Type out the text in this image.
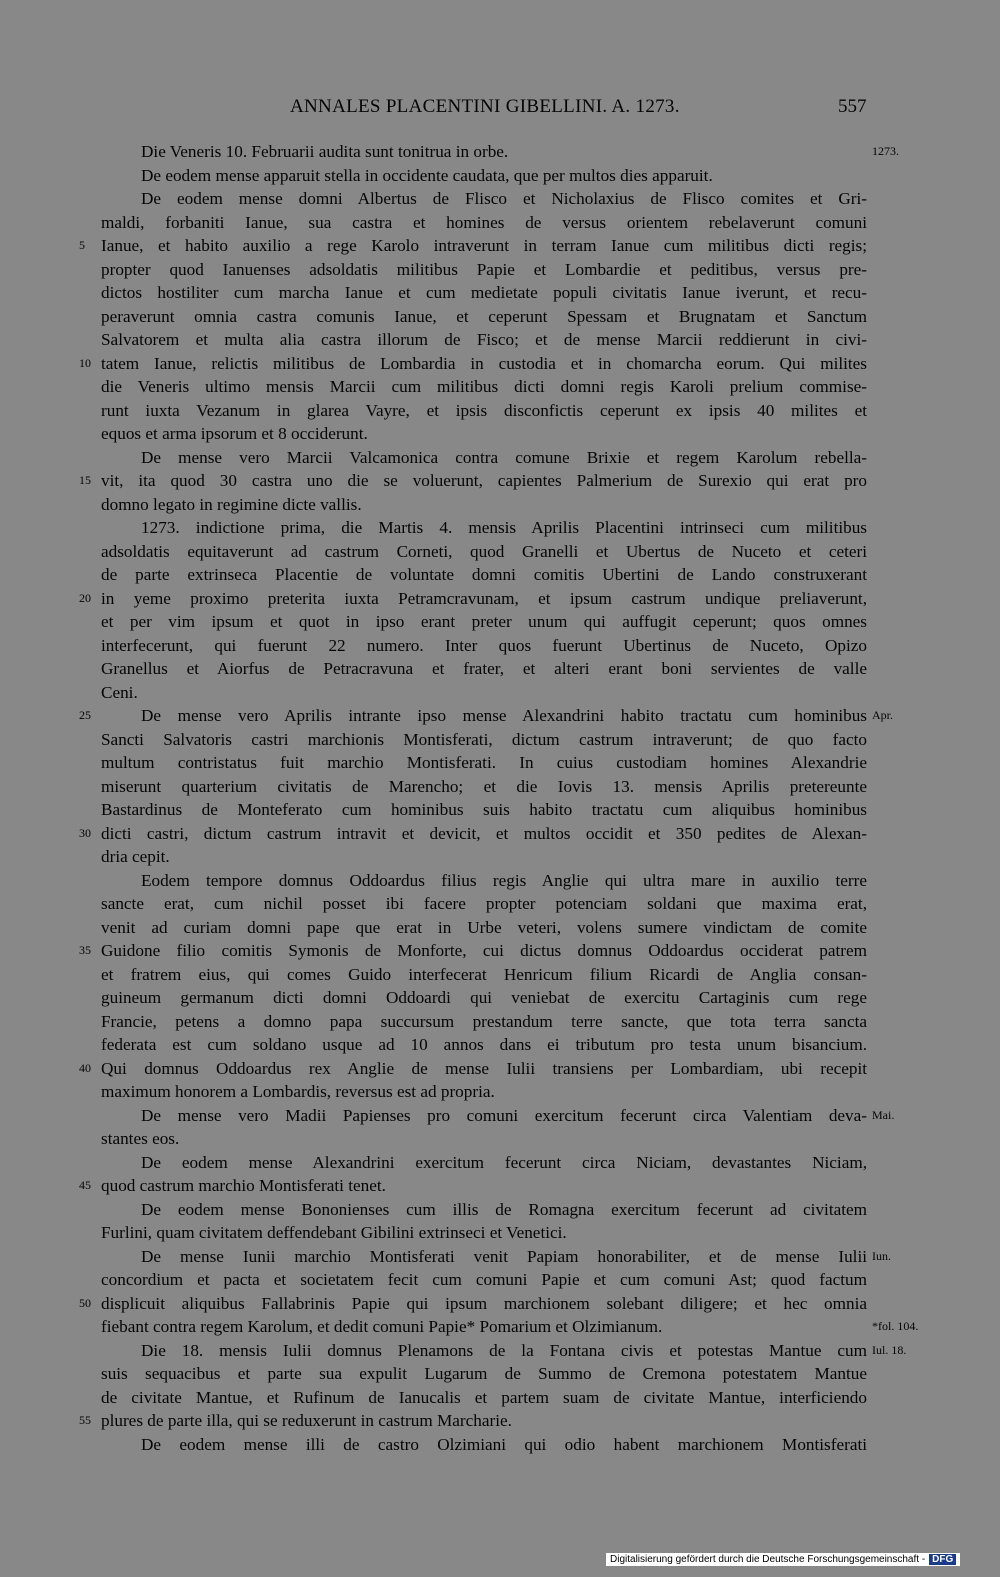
ANNALES PLACENTINI GIBELLINI. A. 1273.	557
Die Veneris 10. Februarii audita sunt tonitrua in orbe.	1273.
De eodem mense apparuit stella in occidente caudata, que per multos dies apparuit.
De eodem mense domni Albertus de Flisco et Nicholaxius de Flisco comites et Gri-
maldi, forbaniti Ianue, sua castra et homines de versus orientem rebelaverunt comuni
5 Ianue, et habito auxilio a rege Karolo intraverunt in terram Ianue cum militibus dicti regis;
propter quod Ianuenses adsoldatis militibus Papie et Lombardie et peditibus, versus pre-
dictos hostiliter cum marcha Ianue et cum medietate populi civitatis Ianue iverunt, et recu-
peraverunt omnia castra comunis Ianue, et ceperunt Spessam et Brugnatam et Sanctum
Salvatorem et multa alia castra illorum de Fisco; et de mense Marcii reddierunt in civi-
10 tatem Ianue, relictis militibus de Lombardia in custodia et in chomarcha eorum. Qui milites
die Veneris ultimo mensis Marcii cum militibus dicti domni regis Karoli prelium commise-
runt iuxta Vezanum in glarea Vayre, et ipsis disconfictis ceperunt ex ipsis 40 milites et
equos et arma ipsorum et 8 occiderunt.
De mense vero Marcii Valcamonica contra comune Brixie et regem Karolum rebella-
15 vit, ita quod 30 castra uno die se voluerunt, capientes Palmerium de Surexio qui erat pro
domno legato in regimine dicte vallis.
1273. indictione prima, die Martis 4. mensis Aprilis Placentini intrinseci cum militibus
adsoldatis equitaverunt ad castrum Corneti, quod Granelli et Ubertus de Nuceto et ceteri
de parte extrinseca Placentie de voluntate domni comitis Ubertini de Lando construxerant
20 in yeme proximo preterita iuxta Petramcravunam, et ipsum castrum undique preliaverunt,
et per vim ipsum et quot in ipso erant preter unum qui auffugit ceperunt; quos omnes
interfecerunt, qui fuerunt 22 numero. Inter quos fuerunt Ubertinus de Nuceto, Opizo
Granellus et Aiorfus de Petracravuna et frater, et alteri erant boni servientes de valle
Ceni.
25	De mense vero Aprilis intrante ipso mense Alexandrini habito tractatu cum hominibus Apr.
Sancti Salvatoris castri marchionis Montisferati, dictum castrum intraverunt; de quo facto
multum contristatus fuit marchio Montisferati. In cuius custodiam homines Alexandrie
miserunt quarterium civitatis de Marencho; et die Iovis 13. mensis Aprilis pretereunte
Bastardinus de Monteferato cum hominibus suis habito tractatu cum aliquibus hominibus
30 dicti castri, dictum castrum intravit et devicit, et multos occidit et 350 pedites de Alexan-
dria cepit.
Eodem tempore domnus Oddoardus filius regis Anglie qui ultra mare in auxilio terre
sancte erat, cum nichil posset ibi facere propter potenciam soldani que maxima erat,
venit ad curiam domni pape que erat in Urbe veteri, volens sumere vindictam de comite
35 Guidone filio comitis Symonis de Monforte, cui dictus domnus Oddoardus occiderat patrem
et fratrem eius, qui comes Guido interfecerat Henricum filium Ricardi de Anglia consan-
guineum germanum dicti domni Oddoardi qui veniebat de exercitu Cartaginis cum rege
Francie, petens a domno papa succursum prestandum terre sancte, que tota terra sancta
federata est cum soldano usque ad 10 annos dans ei tributum pro testa unum bisancium.
40 Qui domnus Oddoardus rex Anglie de mense Iulii transiens per Lombardiam, ubi recepit
maximum honorem a Lombardis, reversus est ad propria.
De mense vero Madii Papienses pro comuni exercitum fecerunt circa Valentiam deva- Mai.
stantes eos.
De eodem mense Alexandrini exercitum fecerunt circa Niciam, devastantes Niciam,
45 quod castrum marchio Montisferati tenet.
De eodem mense Bononienses cum illis de Romagna exercitum fecerunt ad civitatem
Furlini, quam civitatem deffendebant Gibilini extrinseci et Venetici.
De mense Iunii marchio Montisferati venit Papiam honorabiliter, et de mense Iulii Iun.
concordium et pacta et societatem fecit cum comuni Papie et cum comuni Ast; quod factum
50 displicuit aliquibus Fallabrinis Papie qui ipsum marchionem solebant diligere; et hec omnia
fiebant contra regem Karolum, et dedit comuni Papie* Pomarium et Olzimianum.	*fol. 104.
Die 18. mensis Iulii domnus Plenamons de la Fontana civis et potestas Mantue cum Iul. 18.
suis sequacibus et parte sua expulit Lugarum de Summo de Cremona potestatem Mantue
de civitate Mantue, et Rufinum de Ianucalis et partem suam de civitate Mantue, interficiendo
55 plures de parte illa, qui se reduxerunt in castrum Marcharie.
De eodem mense illi de castro Olzimiani qui odio habent marchionem Montisferati
Digitalisierung gefördert durch die Deutsche Forschungsgemeinschaft - DFG
